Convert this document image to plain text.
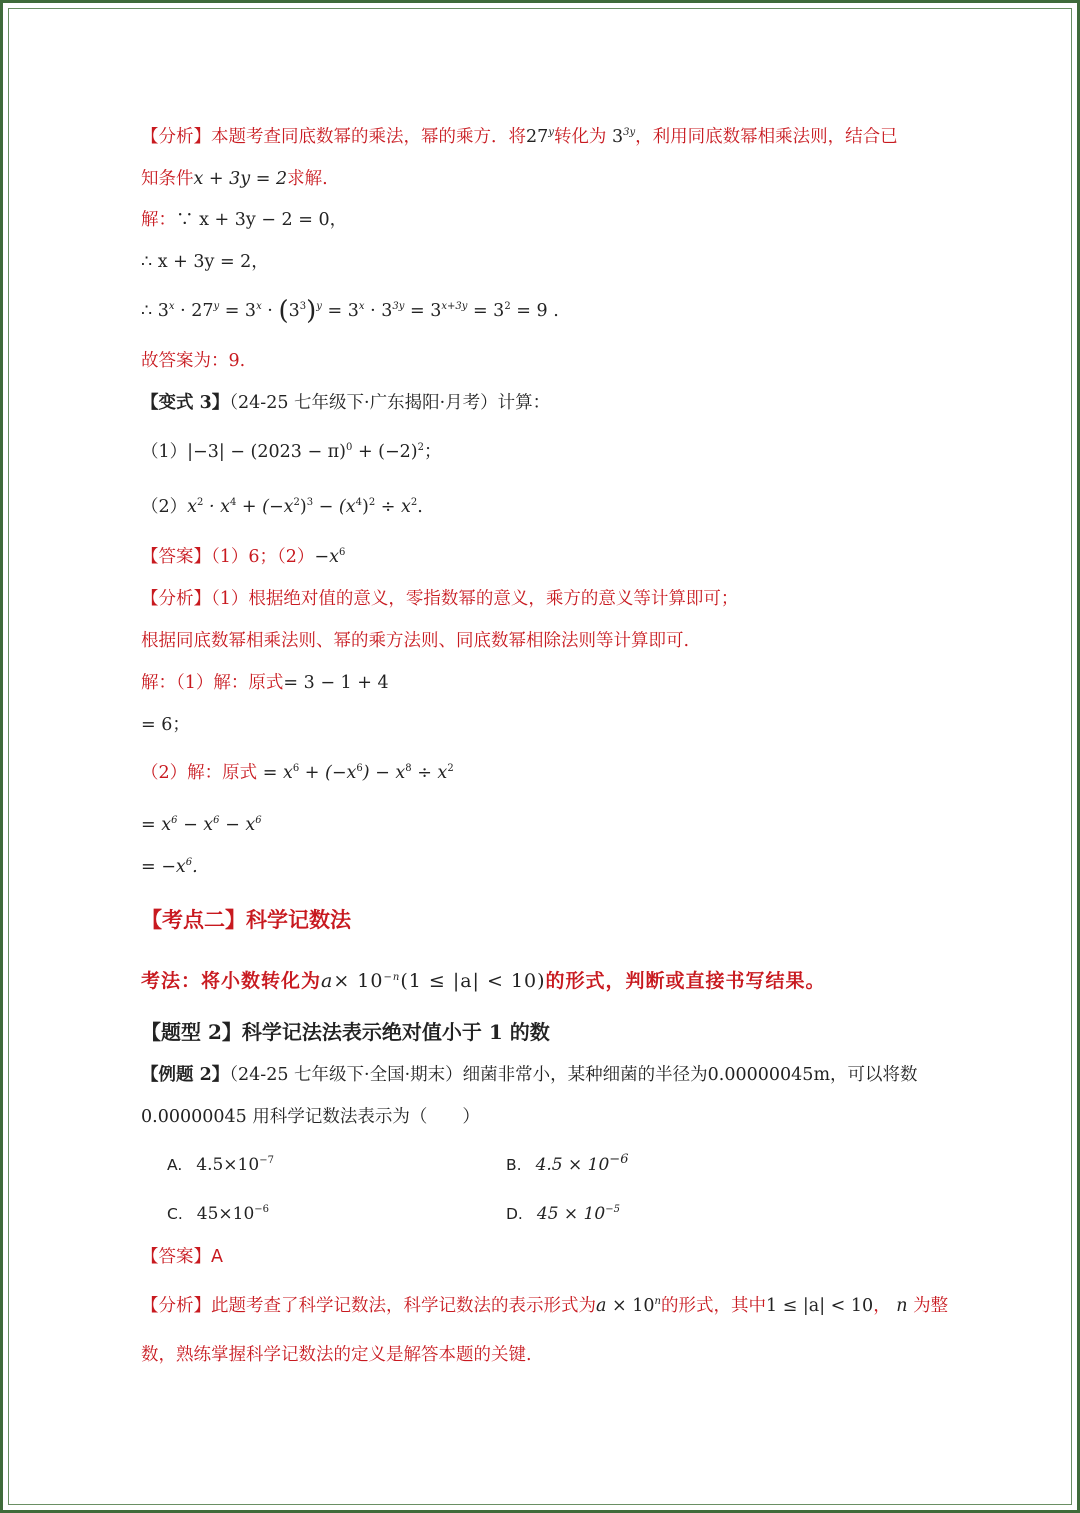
【分析】本题考查同底数幂的乘法，幂的乘方．将27$^y$转化为 $3^{3y}$，利用同底数幂相乘法则，结合已
知条件x + 3y = 2求解.
解：∵ x + 3y − 2 = 0，
∴ x + 3y = 2，
∴ $3^x \cdot 27^y = 3^x \cdot (3^3)^y = 3^x \cdot 3^{3y} = 3^{x+3y} = 3^2 = 9$ .
故答案为：9.
【变式 3】（24-25 七年级下·广东揭阳·月考）计算：
$(1)|-3| - (2023 - \pi)^0 + (-2)^2$；
$(2)x^2 \cdot x^4 + (-x^2)^3 - (x^4)^2 \div x^2$.
【答案】（1）6；$(2)-x^6$
【分析】（1）根据绝对值的意义，零指数幂的意义，乘方的意义等计算即可；
根据同底数幂相乘法则、幂的乘方法则、同底数幂相除法则等计算即可.
解：（1）解：原式= 3 − 1 + 4
= 6；
（2）解：原式 = $x^6 + (-x^6) - x^8 \div x^2$
= $x^6 - x^6 - x^6$
= $-x^6$.
【考点二】科学记数法
考法：将小数转化为$a\times 10^{-n}(1 \le |a| < 10)$的形式，判断或直接书写结果。
【题型 2】科学记法法表示绝对值小于 1 的数
【例题 2】（24-25 七年级下·全国·期末）细菌非常小，某种细菌的半径为0.00000045m，可以将数
0.00000045 用科学记数法表示为（　　）
A. $4.5\times 10^{-7}$	B. $4.5 \times 10^{-6}$
C. $45\times 10^{-6}$	D. $45 \times 10^{-5}$
【答案】A
【分析】此题考查了科学记数法，科学记数法的表示形式为$a \times 10^n$的形式，其中1 ≤ |a| < 10， n 为整
数，熟练掌握科学记数法的定义是解答本题的关键.
